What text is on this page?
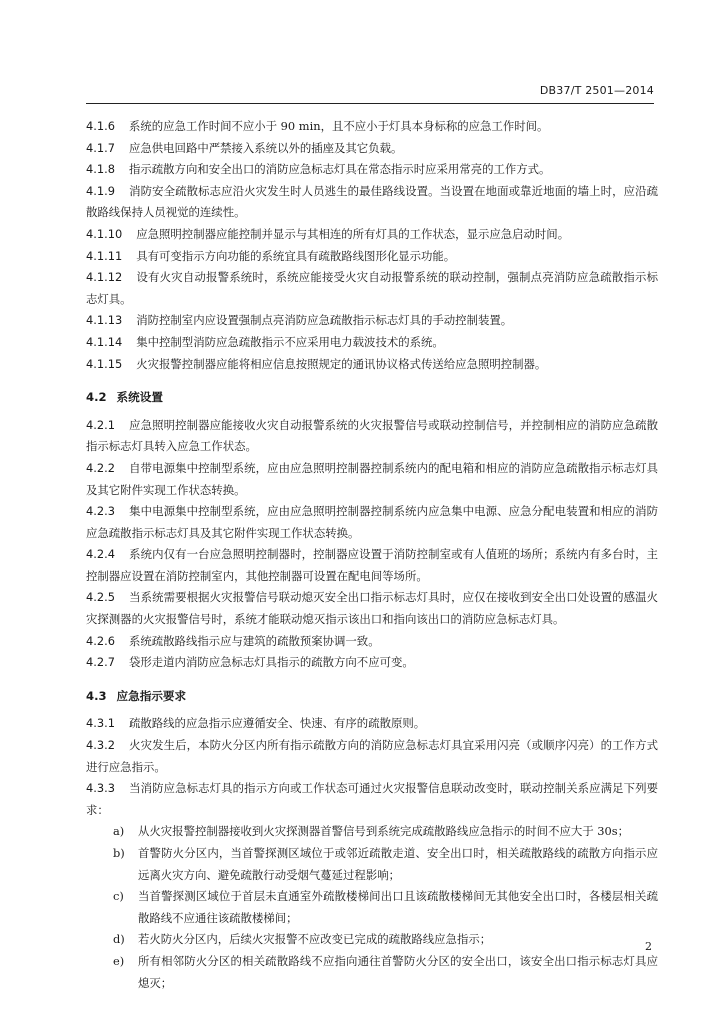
DB37/T 2501—2014

4.1.6 系统的应急工作时间不应小于 90 min，且不应小于灯具本身标称的应急工作时间。

4.1.7 应急供电回路中严禁接入系统以外的插座及其它负载。

4.1.8 指示疏散方向和安全出口的消防应急标志灯具在常态指示时应采用常亮的工作方式。

4.1.9 消防安全疏散标志应沿火灾发生时人员逃生的最佳路线设置。当设置在地面或靠近地面的墙上时，应沿疏散路线保持人员视觉的连续性。

4.1.10 应急照明控制器应能控制并显示与其相连的所有灯具的工作状态，显示应急启动时间。

4.1.11 具有可变指示方向功能的系统宜具有疏散路线图形化显示功能。

4.1.12 设有火灾自动报警系统时，系统应能接受火灾自动报警系统的联动控制，强制点亮消防应急疏散指示标志灯具。

4.1.13 消防控制室内应设置强制点亮消防应急疏散指示标志灯具的手动控制装置。

4.1.14 集中控制型消防应急疏散指示不应采用电力载波技术的系统。

4.1.15 火灾报警控制器应能将相应信息按照规定的通讯协议格式传送给应急照明控制器。

4.2 系统设置

4.2.1 应急照明控制器应能接收火灾自动报警系统的火灾报警信号或联动控制信号，并控制相应的消防应急疏散指示标志灯具转入应急工作状态。

4.2.2 自带电源集中控制型系统，应由应急照明控制器控制系统内的配电箱和相应的消防应急疏散指示标志灯具及其它附件实现工作状态转换。

4.2.3 集中电源集中控制型系统，应由应急照明控制器控制系统内应急集中电源、应急分配电装置和相应的消防应急疏散指示标志灯具及其它附件实现工作状态转换。

4.2.4 系统内仅有一台应急照明控制器时，控制器应设置于消防控制室或有人值班的场所；系统内有多台时，主控制器应设置在消防控制室内，其他控制器可设置在配电间等场所。

4.2.5 当系统需要根据火灾报警信号联动熄灭安全出口指示标志灯具时，应仅在接收到安全出口处设置的感温火灾探测器的火灾报警信号时，系统才能联动熄灭指示该出口和指向该出口的消防应急标志灯具。

4.2.6 系统疏散路线指示应与建筑的疏散预案协调一致。

4.2.7 袋形走道内消防应急标志灯具指示的疏散方向不应可变。

4.3 应急指示要求

4.3.1 疏散路线的应急指示应遵循安全、快速、有序的疏散原则。

4.3.2 火灾发生后，本防火分区内所有指示疏散方向的消防应急标志灯具宜采用闪亮（或顺序闪亮）的工作方式进行应急指示。

4.3.3 当消防应急标志灯具的指示方向或工作状态可通过火灾报警信息联动改变时，联动控制关系应满足下列要求：

a) 从火灾报警控制器接收到火灾探测器首警信号到系统完成疏散路线应急指示的时间不应大于 30s；
b) 首警防火分区内，当首警探测区域位于或邻近疏散走道、安全出口时，相关疏散路线的疏散方向指示应远离火灾方向、避免疏散行动受烟气蔓延过程影响；
c) 当首警探测区域位于首层未直通室外疏散楼梯间出口且该疏散楼梯间无其他安全出口时，各楼层相关疏散路线不应通往该疏散楼梯间；
d) 若火防火分区内，后续火灾报警不应改变已完成的疏散路线应急指示；
e) 所有相邻防火分区的相关疏散路线不应指向通往首警防火分区的安全出口，该安全出口指示标志灯具应熄灭；
2
